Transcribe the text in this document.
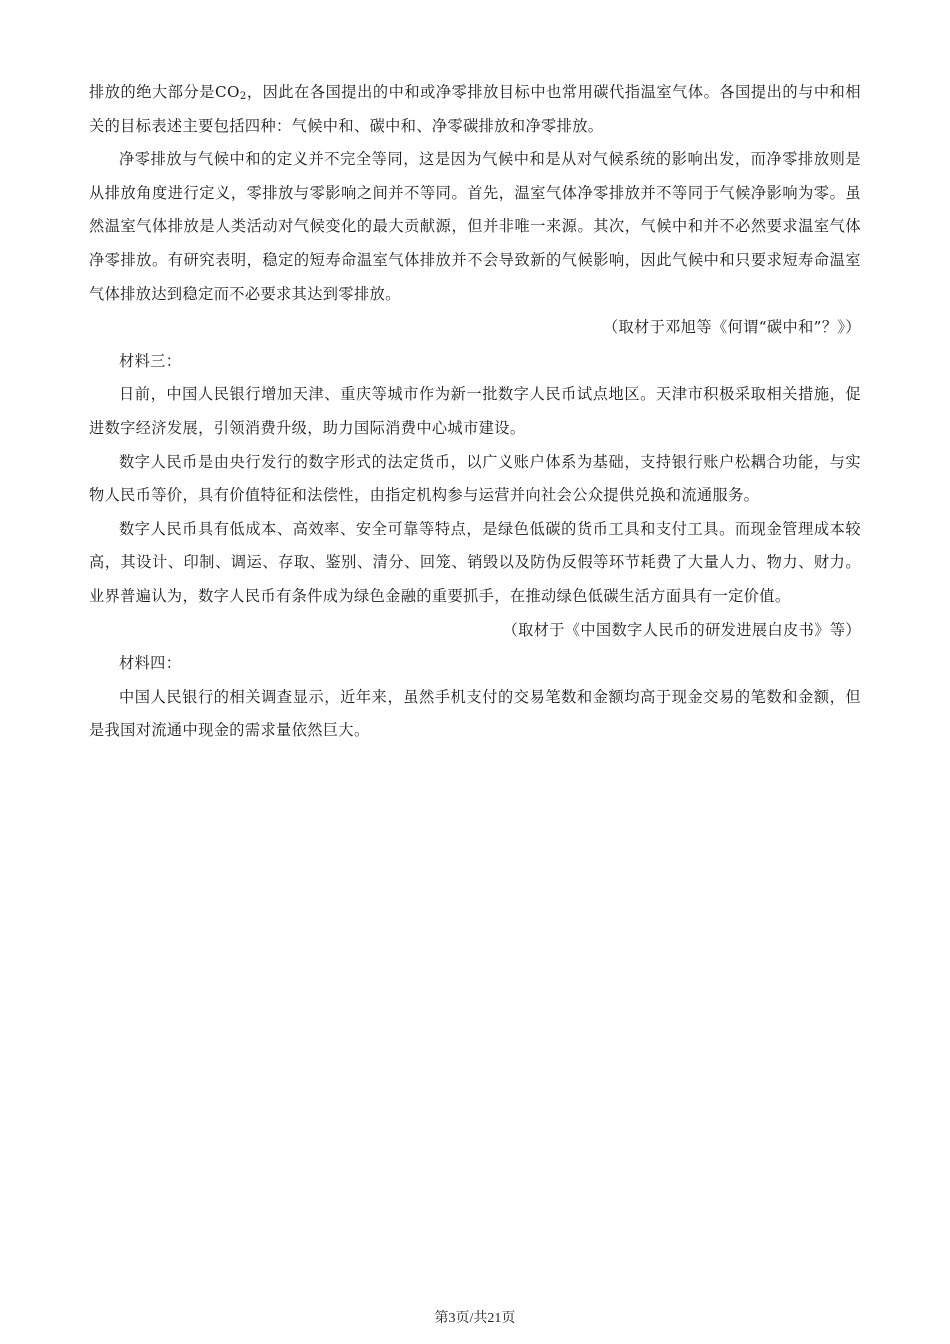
排放的绝大部分是$CO_2$，因此在各国提出的中和或净零排放目标中也常用碳代指温室气体。各国提出的与中和相关的目标表述主要包括四种：气候中和、碳中和、净零碳排放和净零排放。

净零排放与气候中和的定义并不完全等同，这是因为气候中和是从对气候系统的影响出发，而净零排放则是从排放角度进行定义，零排放与零影响之间并不等同。首先，温室气体净零排放并不等同于气候净影响为零。虽然温室气体排放是人类活动对气候变化的最大贡献源，但并非唯一来源。其次，气候中和并不必然要求温室气体净零排放。有研究表明，稳定的短寿命温室气体排放并不会导致新的气候影响，因此气候中和只要求短寿命温室气体排放达到稳定而不必要求其达到零排放。

（取材于邓旭等《何谓“碳中和”？》）

材料三：

日前，中国人民银行增加天津、重庆等城市作为新一批数字人民币试点地区。天津市积极采取相关措施，促进数字经济发展，引领消费升级，助力国际消费中心城市建设。

数字人民币是由央行发行的数字形式的法定货币，以广义账户体系为基础，支持银行账户松耦合功能，与实物人民币等价，具有价值特征和法偿性，由指定机构参与运营并向社会公众提供兑换和流通服务。

数字人民币具有低成本、高效率、安全可靠等特点，是绿色低碳的货币工具和支付工具。而现金管理成本较高，其设计、印制、调运、存取、鉴别、清分、回笼、销毁以及防伪反假等环节耗费了大量人力、物力、财力。业界普遍认为，数字人民币有条件成为绿色金融的重要抓手，在推动绿色低碳生活方面具有一定价值。

（取材于《中国数字人民币的研发进展白皮书》等）

材料四：

中国人民银行的相关调查显示，近年来，虽然手机支付的交易笔数和金额均高于现金交易的笔数和金额，但是我国对流通中现金的需求量依然巨大。

第3页/共21页
